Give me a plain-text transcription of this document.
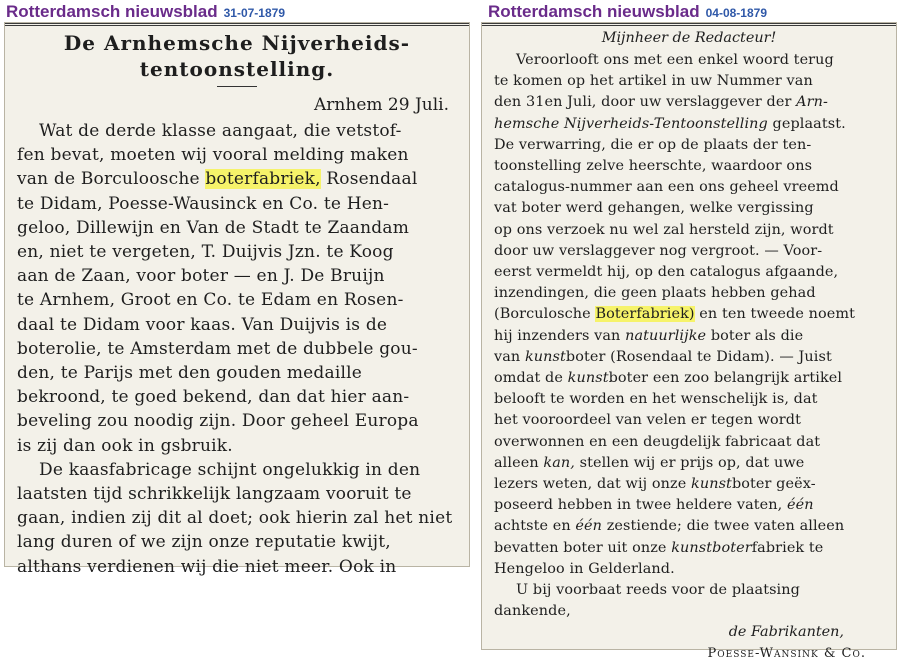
Rotterdamsch nieuwsblad 31-07-1879	Rotterdamsch nieuwsblad 04-08-1879
De Arnhemsche Nijverheids-
tentoonstelling.
Arnhem 29 Juli.
Wat de derde klasse aangaat, die vetstof-
fen bevat, moeten wij vooral melding maken
van de Borculoosche boterfabriek, Rosendaal
te Didam, Poesse-Wausinck en Co. te Hen-
geloo, Dillewijn en Van de Stadt te Zaandam
en, niet te vergeten, T. Duijvis Jzn. te Koog
aan de Zaan, voor boter — en J. De Bruijn
te Arnhem, Groot en Co. te Edam en Rosen-
daal te Didam voor kaas. Van Duijvis is de
boterolie, te Amsterdam met de dubbele gou-
den, te Parijs met den gouden medaille
bekroond, te goed bekend, dan dat hier aan-
beveling zou noodig zijn. Door geheel Europa
is zij dan ook in gsbruik.
De kaasfabricage schijnt ongelukkig in den
laatsten tijd schrikkelijk langzaam vooruit te
gaan, indien zij dit al doet; ook hierin zal het niet
lang duren of we zijn onze reputatie kwijt,
althans verdienen wij die niet meer. Ook in
Mijnheer de Redacteur!
Veroorlooft ons met een enkel woord terug
te komen op het artikel in uw Nummer van
den 31en Juli, door uw verslaggever der Arn-
hemsche Nijverheids-Tentoonstelling geplaatst.
De verwarring, die er op de plaats der ten-
toonstelling zelve heerschte, waardoor ons
catalogus-nummer aan een ons geheel vreemd
vat boter werd gehangen, welke vergissing
op ons verzoek nu wel zal hersteld zijn, wordt
door uw verslaggever nog vergroot. — Voor-
eerst vermeldt hij, op den catalogus afgaande,
inzendingen, die geen plaats hebben gehad
(Borculosche Boterfabriek) en ten tweede noemt
hij inzenders van natuurlijke boter als die
van kunstboter (Rosendaal te Didam). — Juist
omdat de kunstboter een zoo belangrijk artikel
belooft te worden en het wenschelijk is, dat
het vooroordeel van velen er tegen wordt
overwonnen en een deugdelijk fabricaat dat
alleen kan, stellen wij er prijs op, dat uwe
lezers weten, dat wij onze kunstboter geëx-
poseerd hebben in twee heldere vaten, één
achtste en één zestiende; die twee vaten alleen
bevatten boter uit onze kunstboterfabriek te
Hengeloo in Gelderland.
U bij voorbaat reeds voor de plaatsing
dankende,
de Fabrikanten,
Poesse-Wansink & Co.
